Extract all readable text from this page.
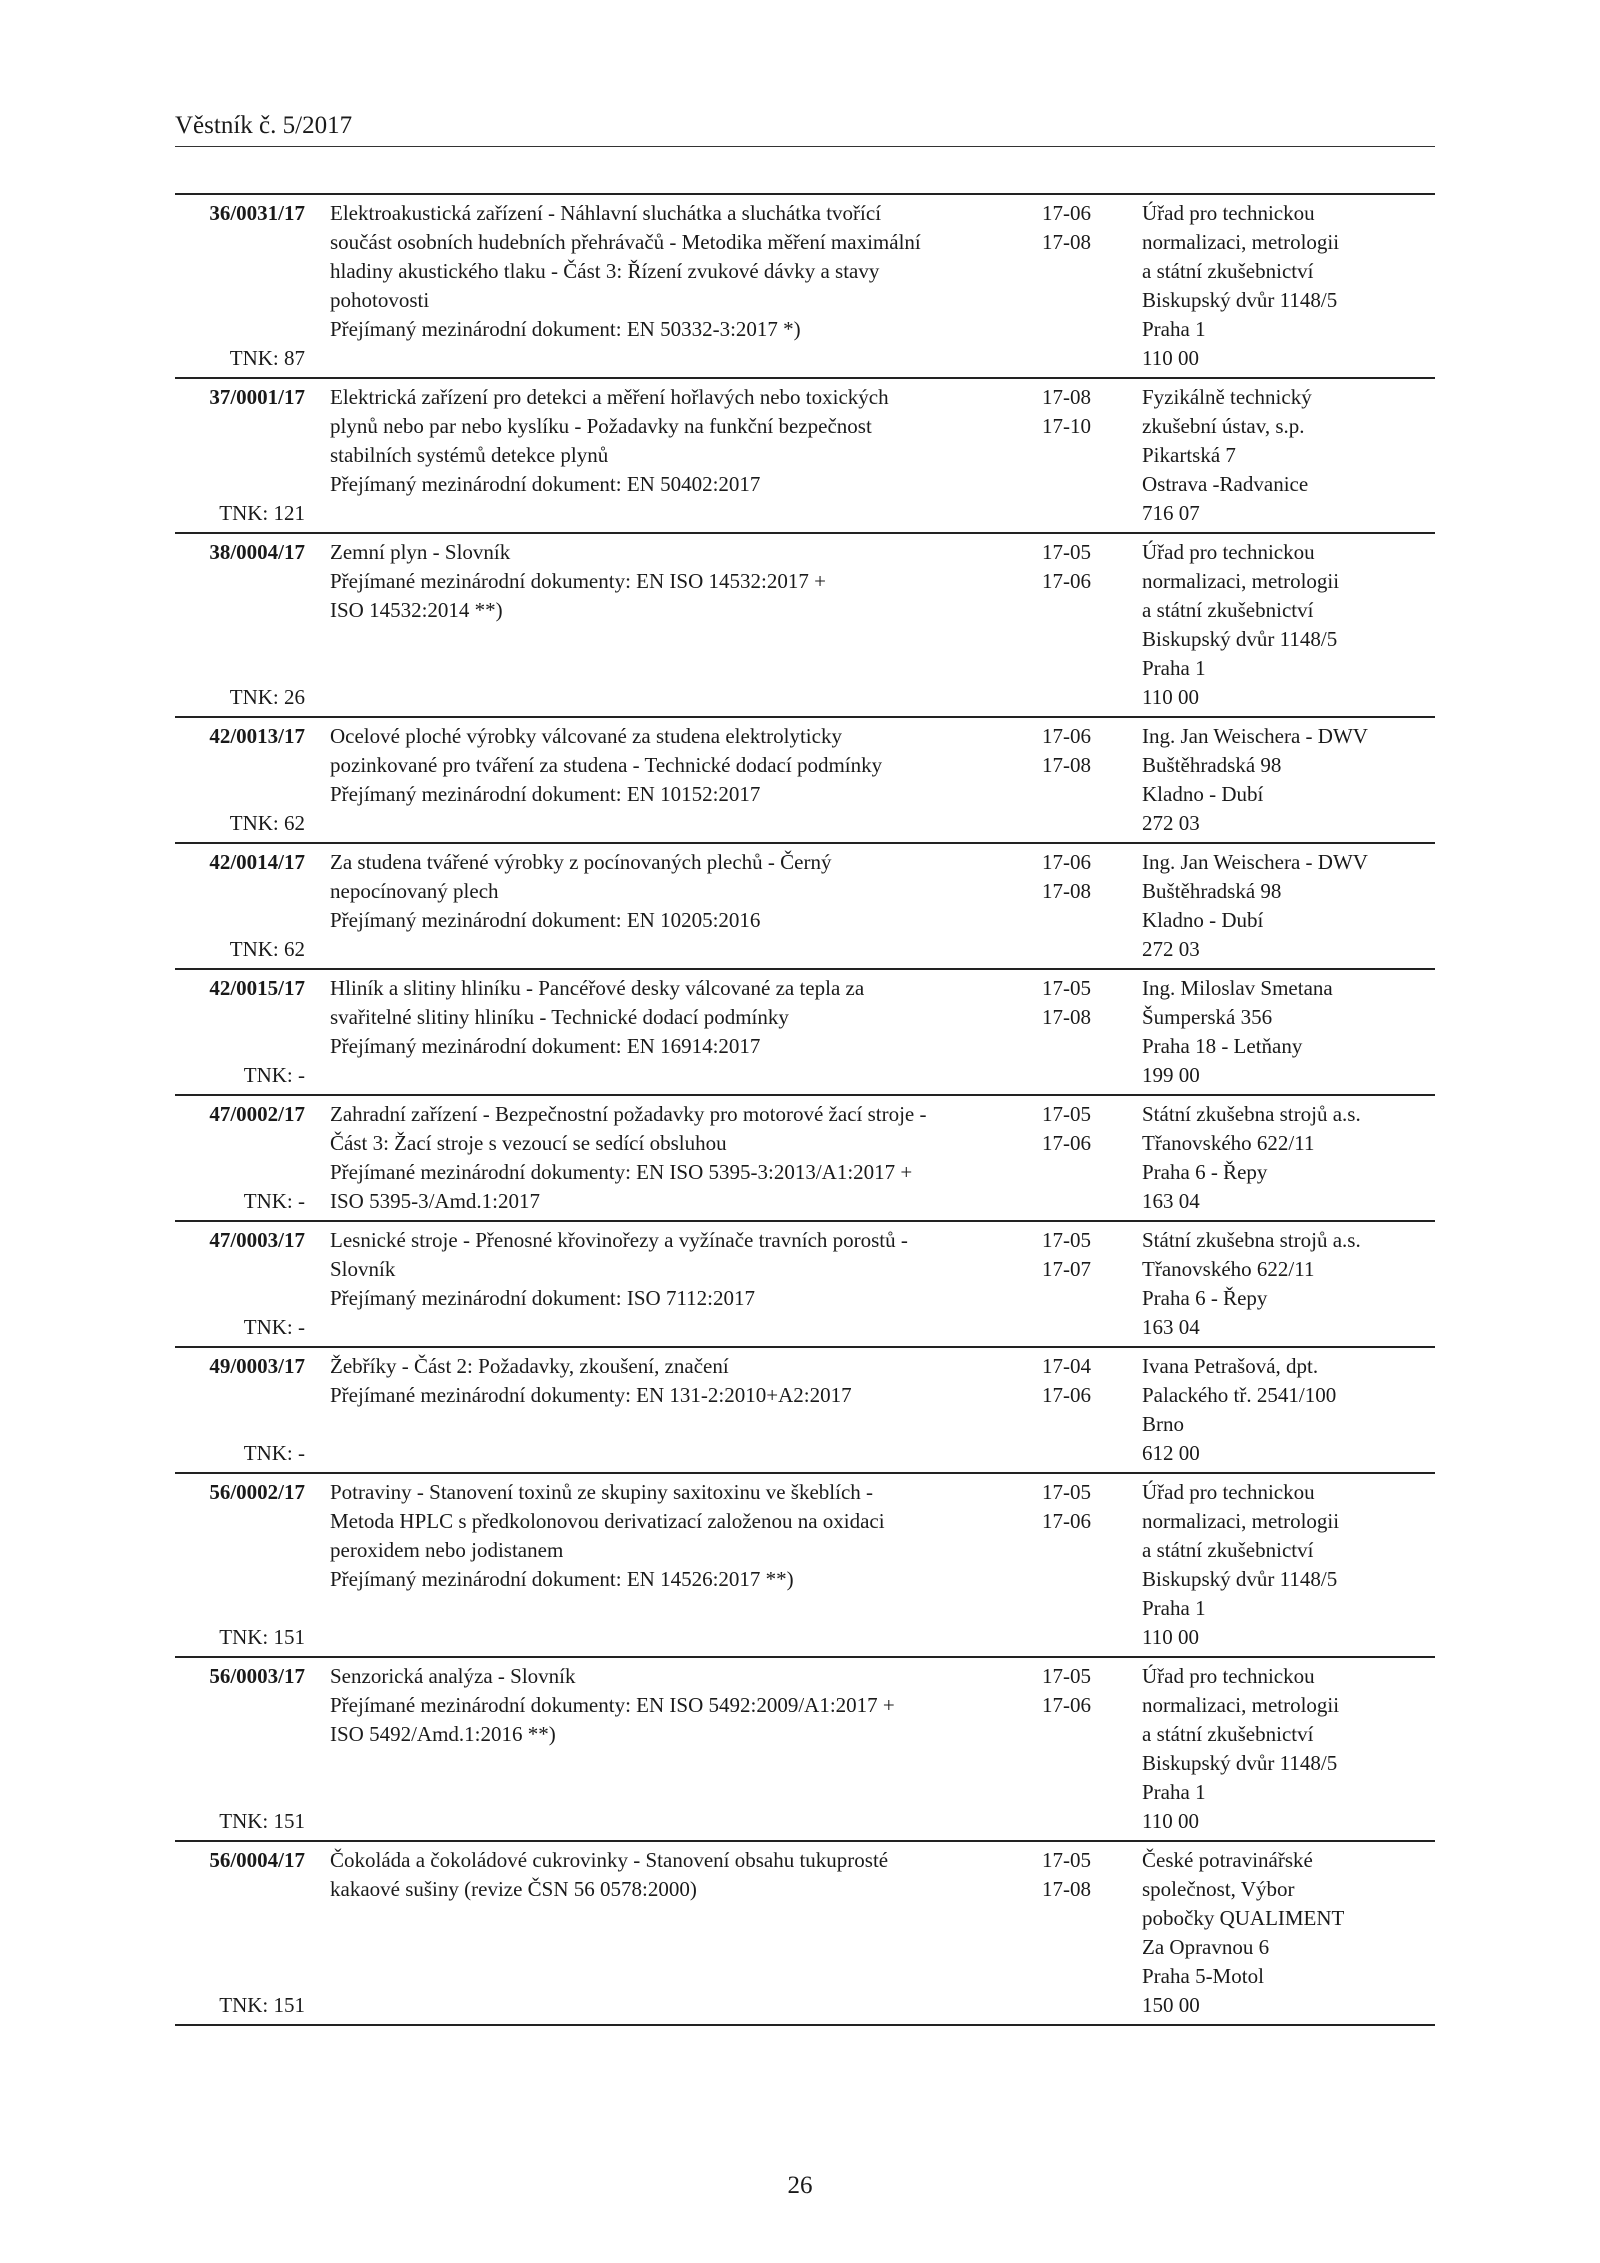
Věstník č. 5/2017
36/0031/17
TNK: 87
Elektroakustická zařízení - Náhlavní sluchátka a sluchátka tvořící
součást osobních hudebních přehrávačů - Metodika měření maximální
hladiny akustického tlaku - Část 3: Řízení zvukové dávky a stavy
pohotovosti
Přejímaný mezinárodní dokument: EN 50332-3:2017 *)
17-06
17-08
Úřad pro technickou
normalizaci, metrologii
a státní zkušebnictví
Biskupský dvůr 1148/5
Praha 1
110 00
37/0001/17
TNK: 121
Elektrická zařízení pro detekci a měření hořlavých nebo toxických
plynů nebo par nebo kyslíku - Požadavky na funkční bezpečnost
stabilních systémů detekce plynů
Přejímaný mezinárodní dokument: EN 50402:2017
17-08
17-10
Fyzikálně technický
zkušební ústav, s.p.
Pikartská 7
Ostrava -Radvanice
716 07
38/0004/17
TNK: 26
Zemní plyn - Slovník
Přejímané mezinárodní dokumenty: EN ISO 14532:2017 +
ISO 14532:2014 **)
17-05
17-06
Úřad pro technickou
normalizaci, metrologii
a státní zkušebnictví
Biskupský dvůr 1148/5
Praha 1
110 00
42/0013/17
TNK: 62
Ocelové ploché výrobky válcované za studena elektrolyticky
pozinkované pro tváření za studena - Technické dodací podmínky
Přejímaný mezinárodní dokument: EN 10152:2017
17-06
17-08
Ing. Jan Weischera - DWV
Buštěhradská 98
Kladno - Dubí
272 03
42/0014/17
TNK: 62
Za studena tvářené výrobky z pocínovaných plechů - Černý
nepocínovaný plech
Přejímaný mezinárodní dokument: EN 10205:2016
17-06
17-08
Ing. Jan Weischera - DWV
Buštěhradská 98
Kladno - Dubí
272 03
42/0015/17
TNK: -
Hliník a slitiny hliníku - Pancéřové desky válcované za tepla za
svařitelné slitiny hliníku - Technické dodací podmínky
Přejímaný mezinárodní dokument: EN 16914:2017
17-05
17-08
Ing. Miloslav Smetana
Šumperská 356
Praha 18 - Letňany
199 00
47/0002/17
TNK: -
Zahradní zařízení - Bezpečnostní požadavky pro motorové žací stroje -
Část 3: Žací stroje s vezoucí se sedící obsluhou
Přejímané mezinárodní dokumenty: EN ISO 5395-3:2013/A1:2017 +
ISO 5395-3/Amd.1:2017
17-05
17-06
Státní zkušebna strojů a.s.
Třanovského 622/11
Praha 6 - Řepy
163 04
47/0003/17
TNK: -
Lesnické stroje - Přenosné křovinořezy a vyžínače travních porostů -
Slovník
Přejímaný mezinárodní dokument: ISO 7112:2017
17-05
17-07
Státní zkušebna strojů a.s.
Třanovského 622/11
Praha 6 - Řepy
163 04
49/0003/17
TNK: -
Žebříky - Část 2: Požadavky, zkoušení, značení
Přejímané mezinárodní dokumenty: EN 131-2:2010+A2:2017
17-04
17-06
Ivana Petrašová, dpt.
Palackého tř. 2541/100
Brno
612 00
56/0002/17
TNK: 151
Potraviny - Stanovení toxinů ze skupiny saxitoxinu ve škeblích -
Metoda HPLC s předkolonovou derivatizací založenou na oxidaci
peroxidem nebo jodistanem
Přejímaný mezinárodní dokument: EN 14526:2017 **)
17-05
17-06
Úřad pro technickou
normalizaci, metrologii
a státní zkušebnictví
Biskupský dvůr 1148/5
Praha 1
110 00
56/0003/17
TNK: 151
Senzorická analýza - Slovník
Přejímané mezinárodní dokumenty: EN ISO 5492:2009/A1:2017 +
ISO 5492/Amd.1:2016 **)
17-05
17-06
Úřad pro technickou
normalizaci, metrologii
a státní zkušebnictví
Biskupský dvůr 1148/5
Praha 1
110 00
56/0004/17
TNK: 151
Čokoláda a čokoládové cukrovinky - Stanovení obsahu tukuprosté
kakaové sušiny (revize ČSN 56 0578:2000)
17-05
17-08
České potravinářské
společnost, Výbor
pobočky QUALIMENT
Za Opravnou 6
Praha 5-Motol
150 00
26
